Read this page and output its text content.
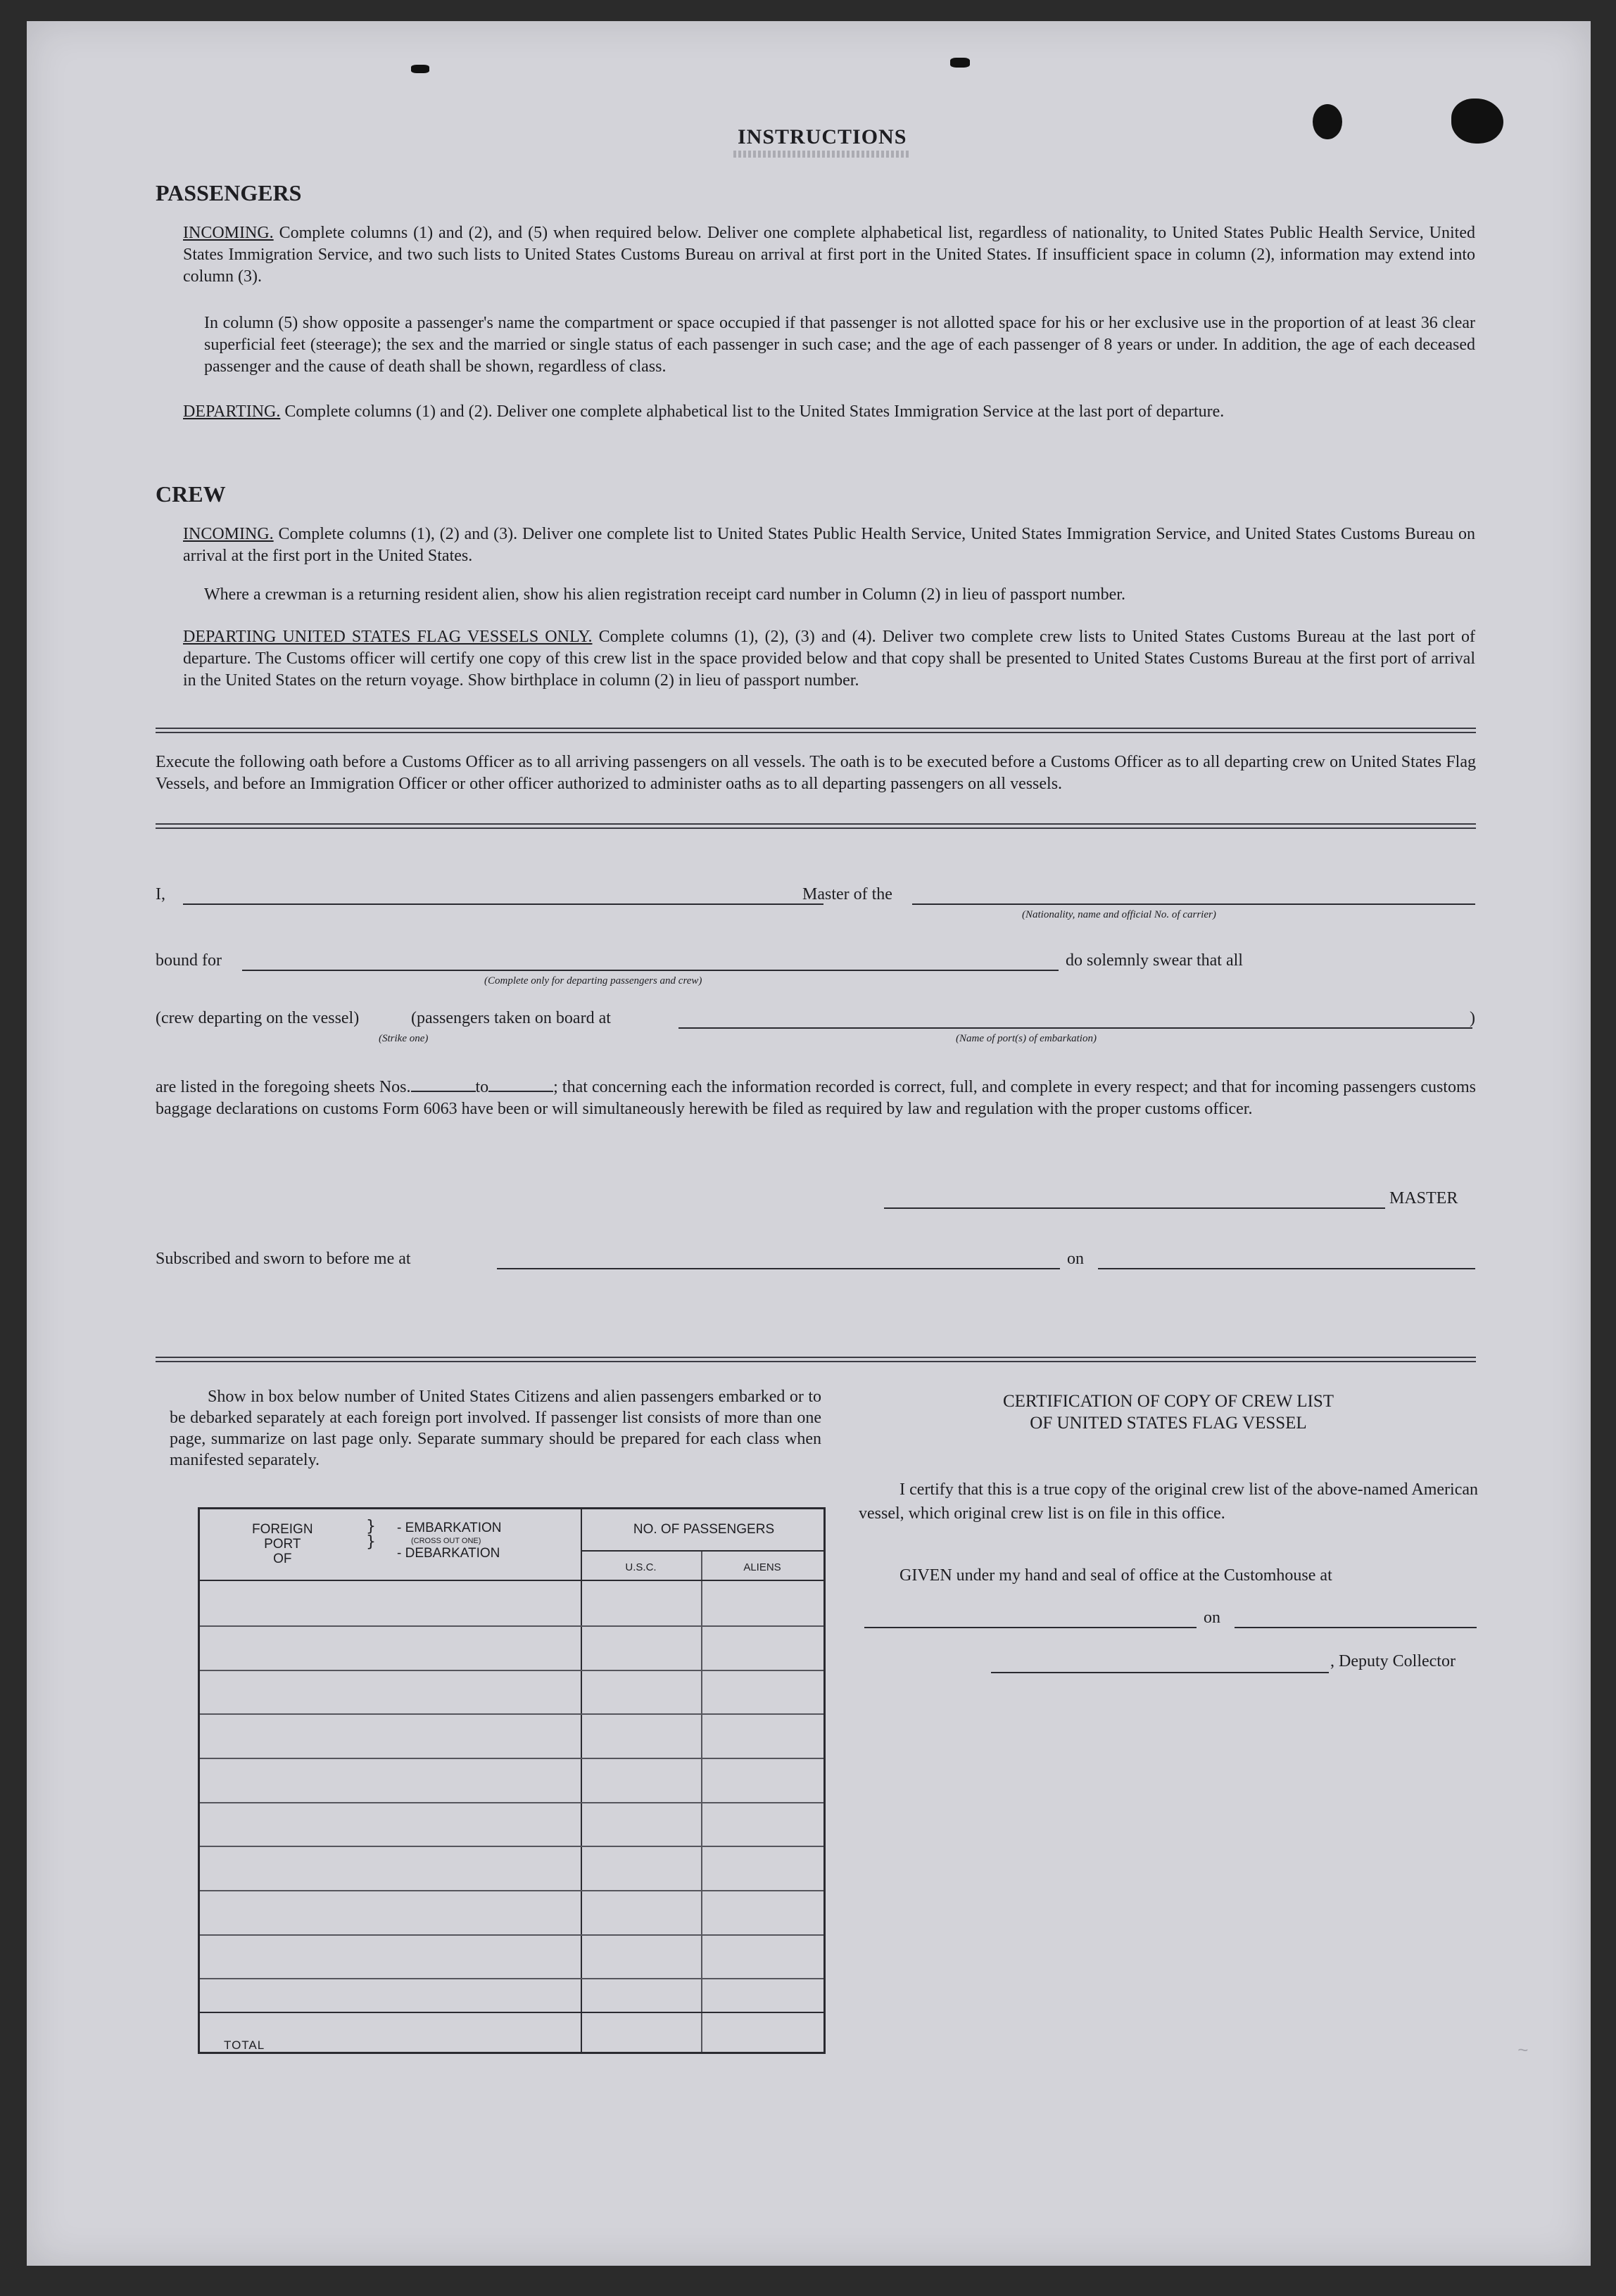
INSTRUCTIONS
PASSENGERS
INCOMING. Complete columns (1) and (2), and (5) when required below. Deliver one complete alphabetical list, regardless of nationality, to United States Public Health Service, United States Immigration Service, and two such lists to United States Customs Bureau on arrival at first port in the United States. If insufficient space in column (2), information may extend into column (3).
In column (5) show opposite a passenger's name the compartment or space occupied if that passenger is not allotted space for his or her exclusive use in the proportion of at least 36 clear superficial feet (steerage); the sex and the married or single status of each passenger in such case; and the age of each passenger of 8 years or under. In addition, the age of each deceased passenger and the cause of death shall be shown, regardless of class.
DEPARTING. Complete columns (1) and (2). Deliver one complete alphabetical list to the United States Immigration Service at the last port of departure.
CREW
INCOMING. Complete columns (1), (2) and (3). Deliver one complete list to United States Public Health Service, United States Immigration Service, and United States Customs Bureau on arrival at the first port in the United States.
Where a crewman is a returning resident alien, show his alien registration receipt card number in Column (2) in lieu of passport number.
DEPARTING UNITED STATES FLAG VESSELS ONLY. Complete columns (1), (2), (3) and (4). Deliver two complete crew lists to United States Customs Bureau at the last port of departure. The Customs officer will certify one copy of this crew list in the space provided below and that copy shall be presented to United States Customs Bureau at the first port of arrival in the United States on the return voyage. Show birthplace in column (2) in lieu of passport number.
Execute the following oath before a Customs Officer as to all arriving passengers on all vessels. The oath is to be executed before a Customs Officer as to all departing crew on United States Flag Vessels, and before an Immigration Officer or other officer authorized to administer oaths as to all departing passengers on all vessels.
I,	Master of the
(Nationality, name and official No. of carrier)
bound for
(Complete only for departing passengers and crew)
do solemnly swear that all
(crew departing on the vessel)	(passengers taken on board at	)
(Strike one)	(Name of port(s) of embarkation)
are listed in the foregoing sheets Nos.	to	; that concerning each the information recorded is correct, full, and complete in every respect; and that for incoming passengers customs baggage declarations on customs Form 6063 have been or will simultaneously herewith be filed as required by law and regulation with the proper customs officer.
MASTER
Subscribed and sworn to before me at	on
Show in box below number of United States Citizens and alien passengers embarked or to be debarked separately at each foreign port involved. If passenger list consists of more than one page, summarize on last page only. Separate summary should be prepared for each class when manifested separately.
FOREIGN
PORT
OF
}
}
- EMBARKATION
(CROSS OUT ONE)
- DEBARKATION
NO. OF PASSENGERS
U.S.C.	ALIENS
TOTAL
CERTIFICATION OF COPY OF CREW LIST
OF UNITED STATES FLAG VESSEL
I certify that this is a true copy of the original crew list of the above-named American vessel, which original crew list is on file in this office.
GIVEN under my hand and seal of office at the Customhouse at
on
, Deputy Collector
~
